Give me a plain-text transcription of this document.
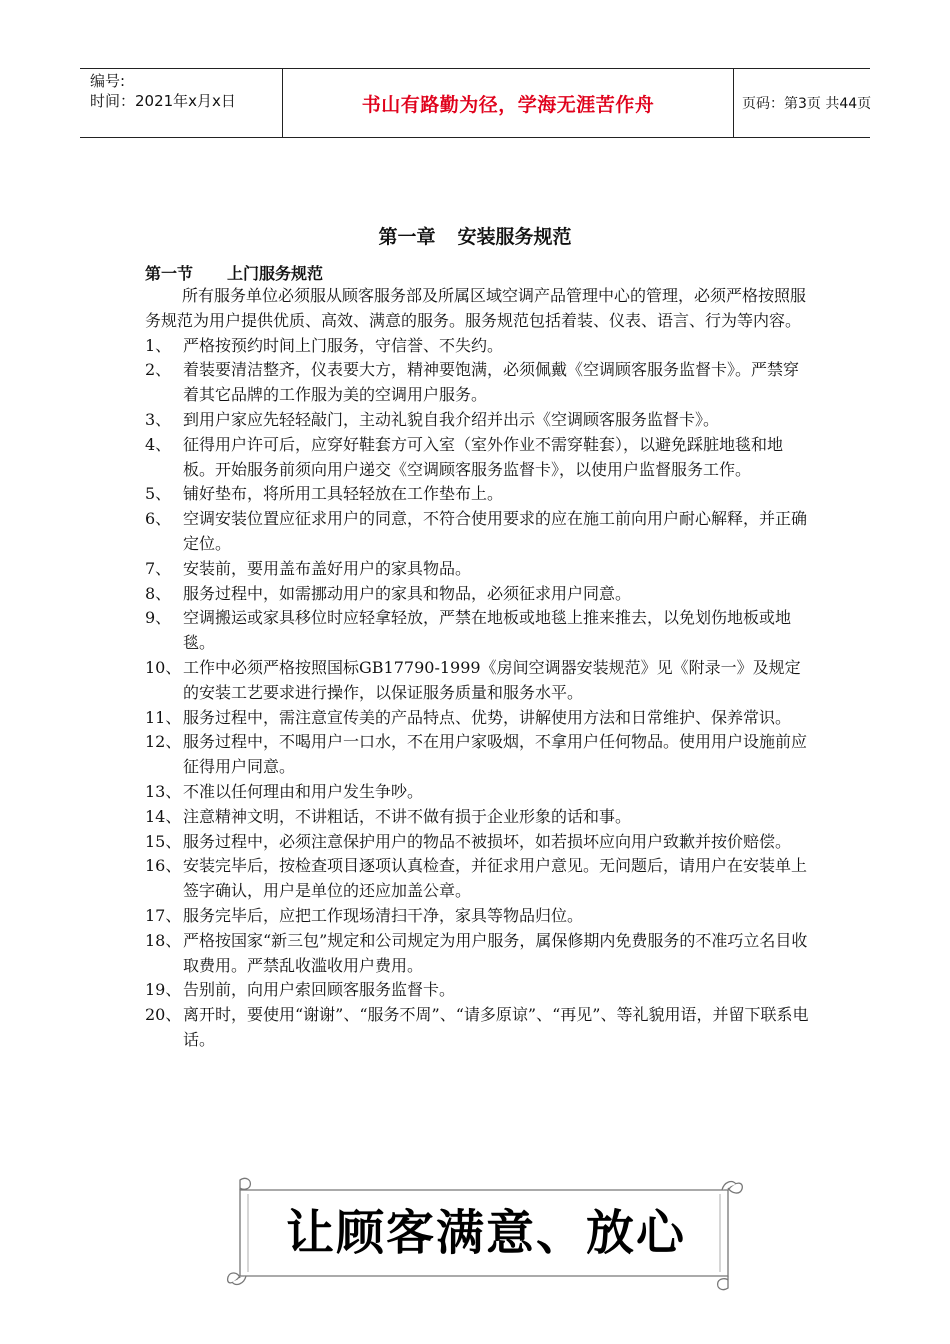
编号:
时间：2021年x月x日	书山有路勤为径，学海无涯苦作舟	页码：第3页 共44页
第一章 安装服务规范
第一节 上门服务规范

所有服务单位必须服从顾客服务部及所属区域空调产品管理中心的管理，必须严格按照服务规范为用户提供优质、高效、满意的服务。服务规范包括着装、仪表、语言、行为等内容。

1、 严格按预约时间上门服务，守信誉、不失约。
2、 着装要清洁整齐，仪表要大方，精神要饱满，必须佩戴《空调顾客服务监督卡》。严禁穿着其它品牌的工作服为美的空调用户服务。
3、 到用户家应先轻轻敲门，主动礼貌自我介绍并出示《空调顾客服务监督卡》。
4、 征得用户许可后，应穿好鞋套方可入室（室外作业不需穿鞋套），以避免踩脏地毯和地板。开始服务前须向用户递交《空调顾客服务监督卡》，以使用户监督服务工作。
5、 铺好垫布，将所用工具轻轻放在工作垫布上。
6、 空调安装位置应征求用户的同意，不符合使用要求的应在施工前向用户耐心解释，并正确定位。
7、 安装前，要用盖布盖好用户的家具物品。
8、 服务过程中，如需挪动用户的家具和物品，必须征求用户同意。
9、 空调搬运或家具移位时应轻拿轻放，严禁在地板或地毯上推来推去，以免划伤地板或地毯。
10、 工作中必须严格按照国标GB17790-1999《房间空调器安装规范》见《附录一》及规定的安装工艺要求进行操作，以保证服务质量和服务水平。
11、 服务过程中，需注意宣传美的产品特点、优势，讲解使用方法和日常维护、保养常识。
12、 服务过程中，不喝用户一口水，不在用户家吸烟，不拿用户任何物品。使用用户设施前应征得用户同意。
13、 不准以任何理由和用户发生争吵。
14、 注意精神文明，不讲粗话，不讲不做有损于企业形象的话和事。
15、 服务过程中，必须注意保护用户的物品不被损坏，如若损坏应向用户致歉并按价赔偿。
16、 安装完毕后，按检查项目逐项认真检查，并征求用户意见。无问题后，请用户在安装单上签字确认，用户是单位的还应加盖公章。
17、 服务完毕后，应把工作现场清扫干净，家具等物品归位。
18、 严格按国家“新三包”规定和公司规定为用户服务，属保修期内免费服务的不准巧立名目收取费用。严禁乱收滥收用户费用。
19、 告别前，向用户索回顾客服务监督卡。
20、 离开时，要使用“谢谢”、“服务不周”、“请多原谅”、“再见”、等礼貌用语，并留下联系电话。
让顾客满意、放心
